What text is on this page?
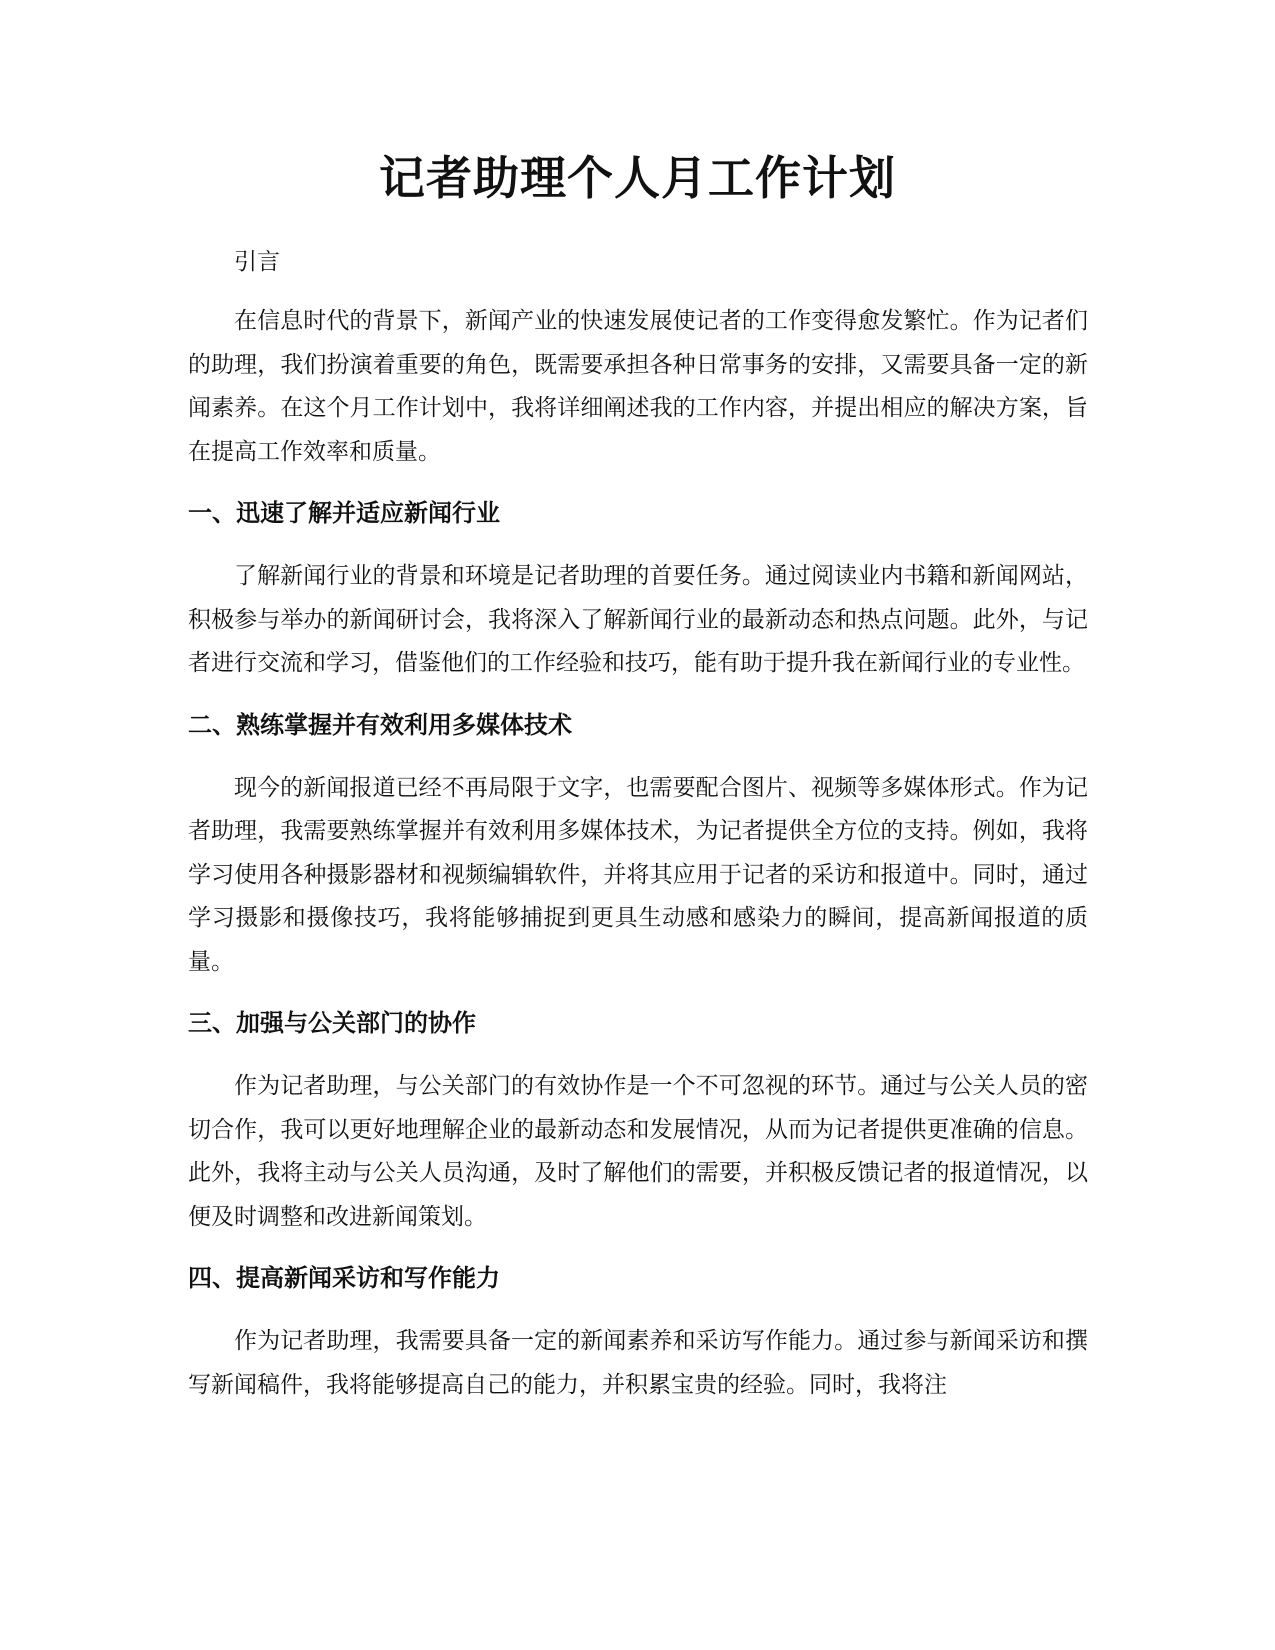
记者助理个人月工作计划

引言

在信息时代的背景下，新闻产业的快速发展使记者的工作变得愈发繁忙。作为记者们的助理，我们扮演着重要的角色，既需要承担各种日常事务的安排，又需要具备一定的新闻素养。在这个月工作计划中，我将详细阐述我的工作内容，并提出相应的解决方案，旨在提高工作效率和质量。

一、迅速了解并适应新闻行业

了解新闻行业的背景和环境是记者助理的首要任务。通过阅读业内书籍和新闻网站，积极参与举办的新闻研讨会，我将深入了解新闻行业的最新动态和热点问题。此外，与记者进行交流和学习，借鉴他们的工作经验和技巧，能有助于提升我在新闻行业的专业性。

二、熟练掌握并有效利用多媒体技术

现今的新闻报道已经不再局限于文字，也需要配合图片、视频等多媒体形式。作为记者助理，我需要熟练掌握并有效利用多媒体技术，为记者提供全方位的支持。例如，我将学习使用各种摄影器材和视频编辑软件，并将其应用于记者的采访和报道中。同时，通过学习摄影和摄像技巧，我将能够捕捉到更具生动感和感染力的瞬间，提高新闻报道的质量。

三、加强与公关部门的协作

作为记者助理，与公关部门的有效协作是一个不可忽视的环节。通过与公关人员的密切合作，我可以更好地理解企业的最新动态和发展情况，从而为记者提供更准确的信息。此外，我将主动与公关人员沟通，及时了解他们的需要，并积极反馈记者的报道情况，以便及时调整和改进新闻策划。

四、提高新闻采访和写作能力

作为记者助理，我需要具备一定的新闻素养和采访写作能力。通过参与新闻采访和撰写新闻稿件，我将能够提高自己的能力，并积累宝贵的经验。同时，我将注
